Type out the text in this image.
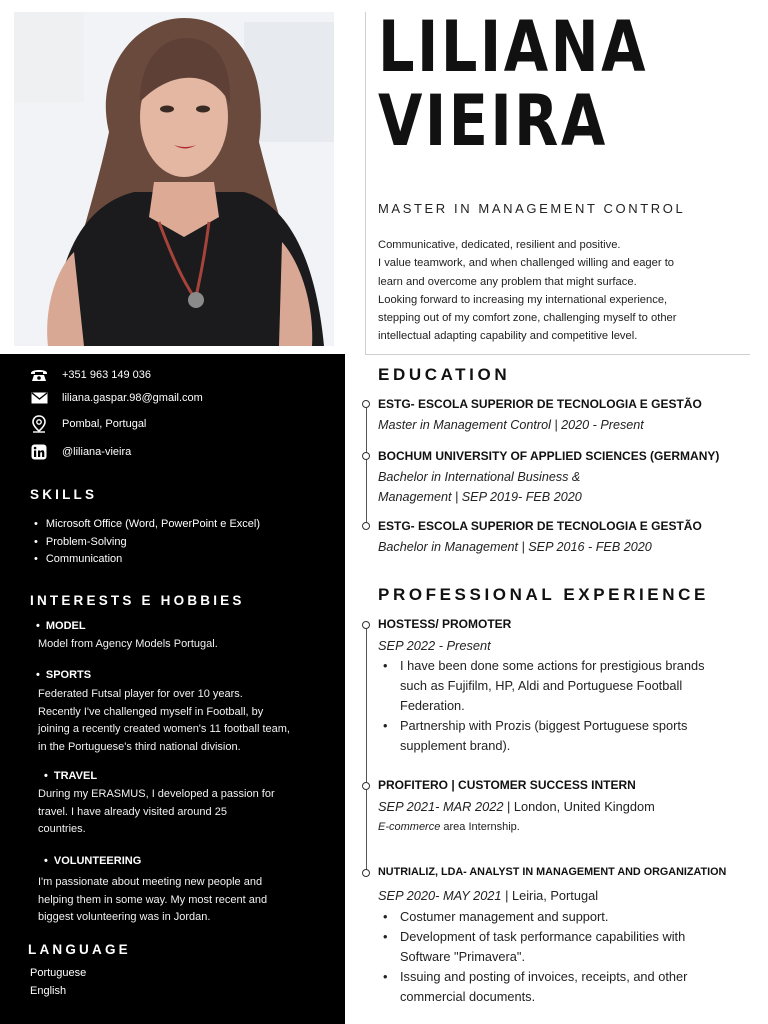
LILIANA
VIEIRA
MASTER IN MANAGEMENT CONTROL
Communicative, dedicated, resilient and positive.
I value teamwork, and when challenged willing and eager to
learn and overcome any problem that might surface.
Looking forward to increasing my international experience,
stepping out of my comfort zone, challenging myself to other
intellectual adapting capability and competitive level.
+351 963 149 036
liliana.gaspar.98@gmail.com
Pombal, Portugal
@liliana-vieira
SKILLS
• Microsoft Office (Word, PowerPoint e Excel)
• Problem-Solving
• Communication
INTERESTS E HOBBIES
• MODEL
Model from Agency Models Portugal.
• SPORTS
Federated Futsal player for over 10 years.
Recently I've challenged myself in Football, by
joining a recently created women's 11 football team,
in the Portuguese's third national division.
• TRAVEL
During my ERASMUS, I developed a passion for
travel. I have already visited around 25
countries.
• VOLUNTEERING
I'm passionate about meeting new people and
helping them in some way. My most recent and
biggest volunteering was in Jordan.
LANGUAGE
Portuguese
English
EDUCATION
ESTG- ESCOLA SUPERIOR DE TECNOLOGIA E GESTÃO
Master in Management Control | 2020 - Present
BOCHUM UNIVERSITY OF APPLIED SCIENCES (GERMANY)
Bachelor in International Business &
Management | SEP 2019- FEB 2020
ESTG- ESCOLA SUPERIOR DE TECNOLOGIA E GESTÃO
Bachelor in Management | SEP 2016 - FEB 2020
PROFESSIONAL EXPERIENCE
HOSTESS/ PROMOTER
SEP 2022 - Present
• I have been done some actions for prestigious brands
such as Fujifilm, HP, Aldi and Portuguese Football
Federation.
• Partnership with Prozis (biggest Portuguese sports
supplement brand).
PROFITERO | CUSTOMER SUCCESS INTERN
SEP 2021- MAR 2022 | London, United Kingdom
E-commerce area Internship.
NUTRIALIZ, LDA- ANALYST IN MANAGEMENT AND ORGANIZATION
SEP 2020- MAY 2021 | Leiria, Portugal
• Costumer management and support.
• Development of task performance capabilities with
Software "Primavera".
• Issuing and posting of invoices, receipts, and other
commercial documents.
